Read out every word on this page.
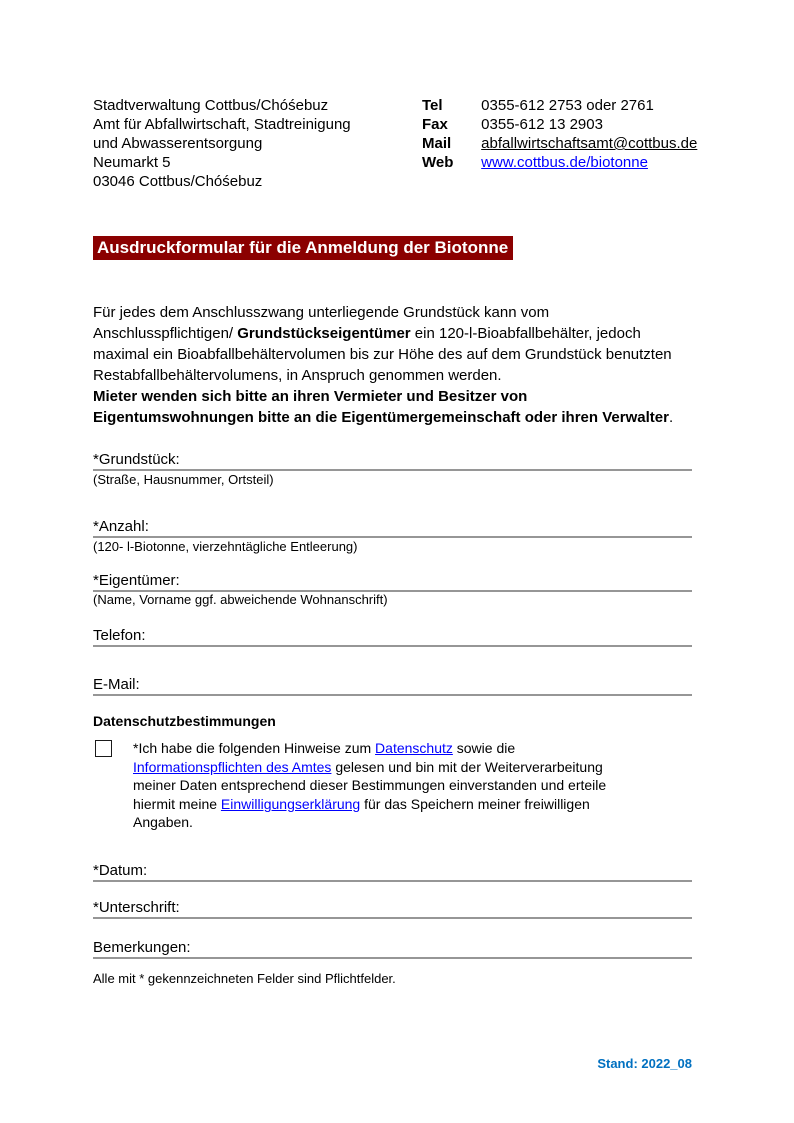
Stadtverwaltung Cottbus/Chóśebuz
Amt für Abfallwirtschaft, Stadtreinigung
und Abwasserentsorgung
Neumarkt 5
03046 Cottbus/Chóśebuz
Tel	0355-612 2753 oder 2761
Fax 0355-612 13 2903
Mail abfallwirtschaftsamt@cottbus.de
Web www.cottbus.de/biotonne
Ausdruckformular für die Anmeldung der Biotonne
Für jedes dem Anschlusszwang unterliegende Grundstück kann vom Anschlusspflichtigen/ Grundstückseigentümer ein 120-l-Bioabfallbehälter, jedoch maximal ein Bioabfallbehältervolumen bis zur Höhe des auf dem Grundstück benutzten Restabfallbehältervolumens, in Anspruch genommen werden.
Mieter wenden sich bitte an ihren Vermieter und Besitzer von Eigentumswohnungen bitte an die Eigentümergemeinschaft oder ihren Verwalter.
*Grundstück:
(Straße, Hausnummer, Ortsteil)
*Anzahl:
(120- l-Biotonne, vierzehntägliche Entleerung)
*Eigentümer:
(Name, Vorname ggf. abweichende Wohnanschrift)
Telefon:
E-Mail:
Datenschutzbestimmungen
*Ich habe die folgenden Hinweise zum Datenschutz sowie die Informationspflichten des Amtes gelesen und bin mit der Weiterverarbeitung meiner Daten entsprechend dieser Bestimmungen einverstanden und erteile hiermit meine Einwilligungserklärung für das Speichern meiner freiwilligen Angaben.
*Datum:
*Unterschrift:
Bemerkungen:
Alle mit * gekennzeichneten Felder sind Pflichtfelder.
Stand: 2022_08
